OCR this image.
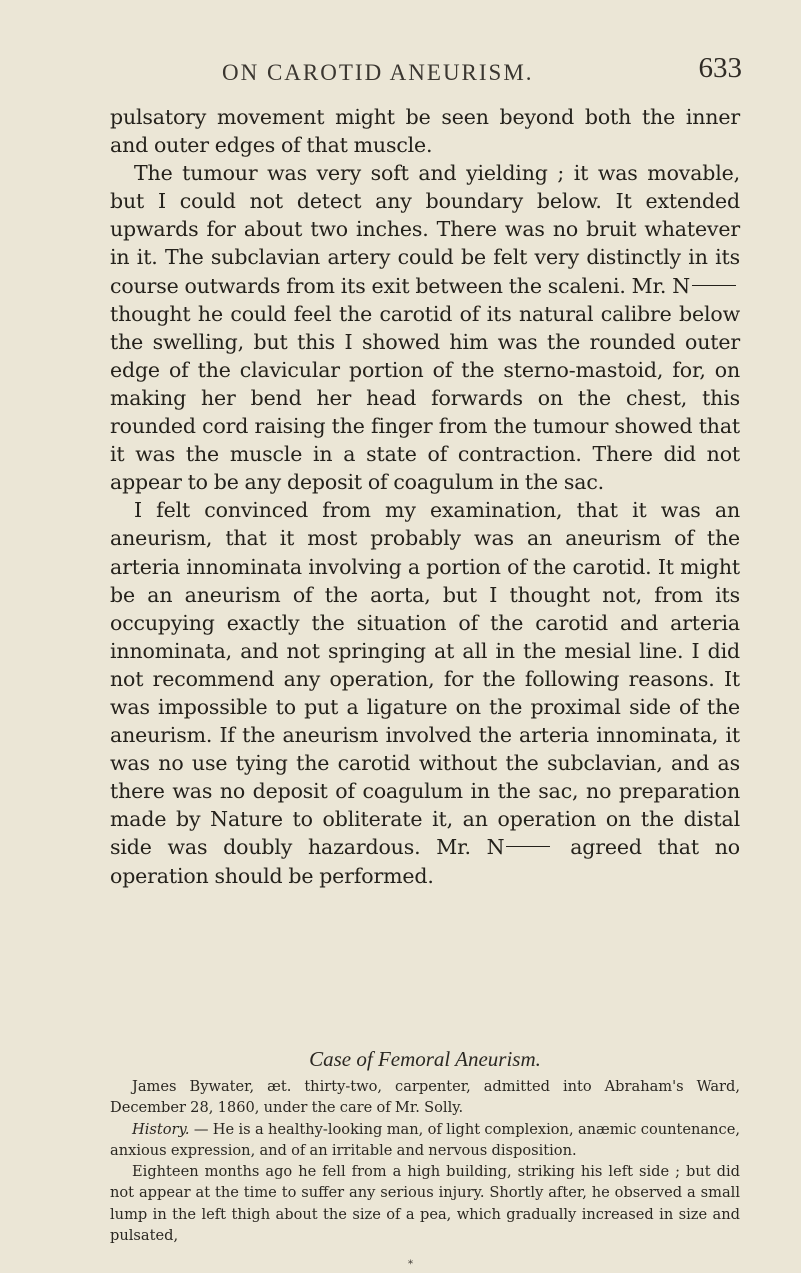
ON CAROTID ANEURISM.	633

pulsatory movement might be seen beyond both the inner and outer edges of that muscle.

The tumour was very soft and yielding ; it was movable, but I could not detect any boundary below. It extended upwards for about two inches. There was no bruit whatever in it. The subclavian artery could be felt very distinctly in its course outwards from its exit between the scaleni. Mr. N thought he could feel the carotid of its natural calibre below the swelling, but this I showed him was the rounded outer edge of the clavicular portion of the sterno-mastoid, for, on making her bend her head forwards on the chest, this rounded cord raising the finger from the tumour showed that it was the muscle in a state of contraction. There did not appear to be any deposit of coagulum in the sac.

I felt convinced from my examination, that it was an aneurism, that it most probably was an aneurism of the arteria innominata involving a portion of the carotid. It might be an aneurism of the aorta, but I thought not, from its occupying exactly the situation of the carotid and arteria innominata, and not springing at all in the mesial line. I did not recommend any operation, for the following reasons. It was impossible to put a ligature on the proximal side of the aneurism. If the aneurism involved the arteria innominata, it was no use tying the carotid without the subclavian, and as there was no deposit of coagulum in the sac, no preparation made by Nature to obliterate it, an operation on the distal side was doubly hazardous. Mr. N agreed that no operation should be performed.

Case of Femoral Aneurism.

James Bywater, æt. thirty-two, carpenter, admitted into Abraham's Ward, December 28, 1860, under the care of Mr. Solly.

History. — He is a healthy-looking man, of light complexion, anæmic countenance, anxious expression, and of an irritable and nervous disposition.

Eighteen months ago he fell from a high building, striking his left side ; but did not appear at the time to suffer any serious injury. Shortly after, he observed a small lump in the left thigh about the size of a pea, which gradually increased in size and pulsated,

*
